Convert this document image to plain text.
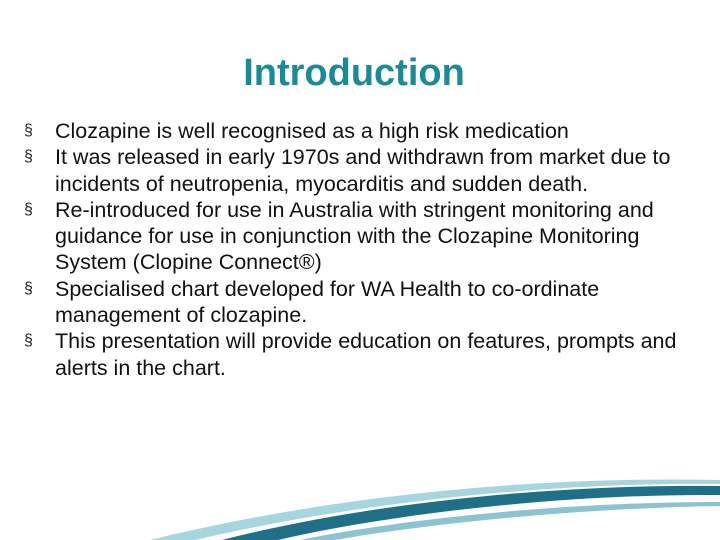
Introduction
§ Clozapine is well recognised as a high risk medication
§ It was released in early 1970s and withdrawn from market due to incidents of neutropenia, myocarditis and sudden death.
§ Re-introduced for use in Australia with stringent monitoring and guidance for use in conjunction with the Clozapine Monitoring System (Clopine Connect®)
§ Specialised chart developed for WA Health to co-ordinate management of clozapine.
§ This presentation will provide education on features, prompts and alerts in the chart.
